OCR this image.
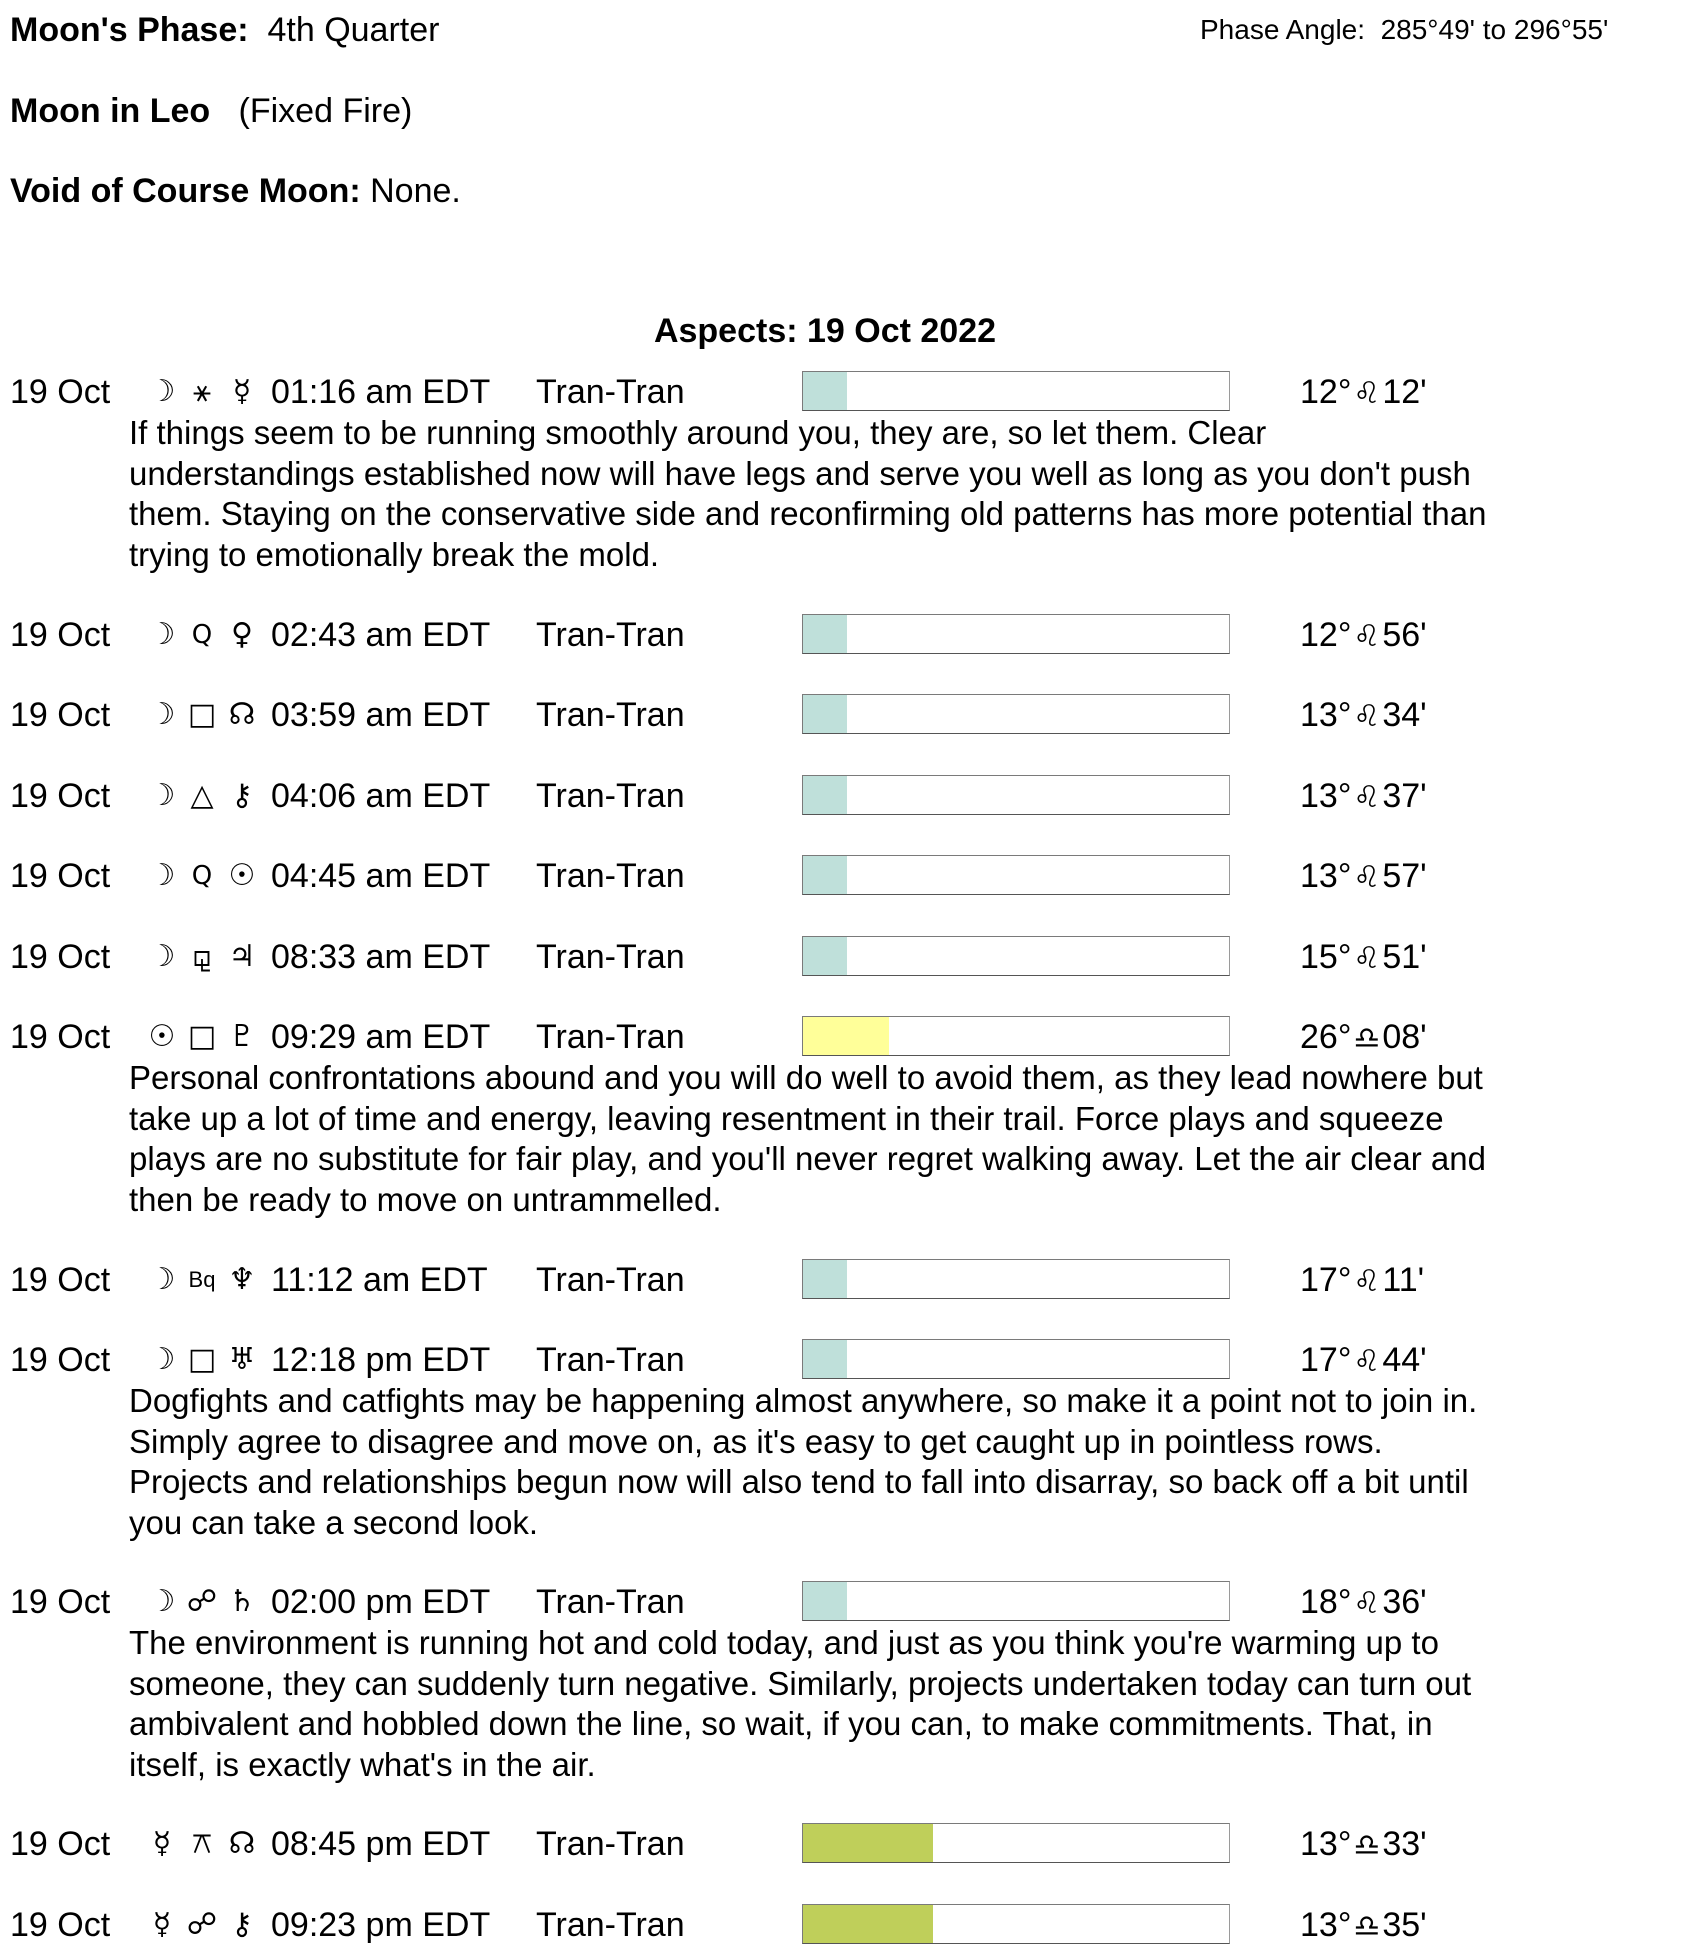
Moon's Phase: 4th Quarter	Phase Angle: 285°49' to 296°55'
Moon in Leo (Fixed Fire)
Void of Course Moon: None.
Aspects: 19 Oct 2022
19 Oct ☽ ⚹ ☿ 01:16 am EDT Tran-Tran	12°♌12'
If things seem to be running smoothly around you, they are, so let them. Clear
understandings established now will have legs and serve you well as long as you don't push
them. Staying on the conservative side and reconfirming old patterns has more potential than
trying to emotionally break the mold.
19 Oct ☽ Q ♀ 02:43 am EDT Tran-Tran	12°♌56'
19 Oct ☽ □ ☊ 03:59 am EDT Tran-Tran	13°♌34'
19 Oct ☽ △ ⚷ 04:06 am EDT Tran-Tran	13°♌37'
19 Oct ☽ Q ☉ 04:45 am EDT Tran-Tran	13°♌57'
19 Oct ☽ ⚼ ♃ 08:33 am EDT Tran-Tran	15°♌51'
19 Oct ☉ □ ♇ 09:29 am EDT Tran-Tran	26°♎08'
Personal confrontations abound and you will do well to avoid them, as they lead nowhere but
take up a lot of time and energy, leaving resentment in their trail. Force plays and squeeze
plays are no substitute for fair play, and you'll never regret walking away. Let the air clear and
then be ready to move on untrammelled.
19 Oct ☽ Bq ♆ 11:12 am EDT Tran-Tran	17°♌11'
19 Oct ☽ □ ♅ 12:18 pm EDT Tran-Tran	17°♌44'
Dogfights and catfights may be happening almost anywhere, so make it a point not to join in.
Simply agree to disagree and move on, as it's easy to get caught up in pointless rows.
Projects and relationships begun now will also tend to fall into disarray, so back off a bit until
you can take a second look.
19 Oct ☽ ☍ ♄ 02:00 pm EDT Tran-Tran	18°♌36'
The environment is running hot and cold today, and just as you think you're warming up to
someone, they can suddenly turn negative. Similarly, projects undertaken today can turn out
ambivalent and hobbled down the line, so wait, if you can, to make commitments. That, in
itself, is exactly what's in the air.
19 Oct	☿ ⚻ ☊ 08:45 pm EDT Tran-Tran	13°♎33'
19 Oct	☿ ☍ ⚷ 09:23 pm EDT Tran-Tran	13°♎35'
